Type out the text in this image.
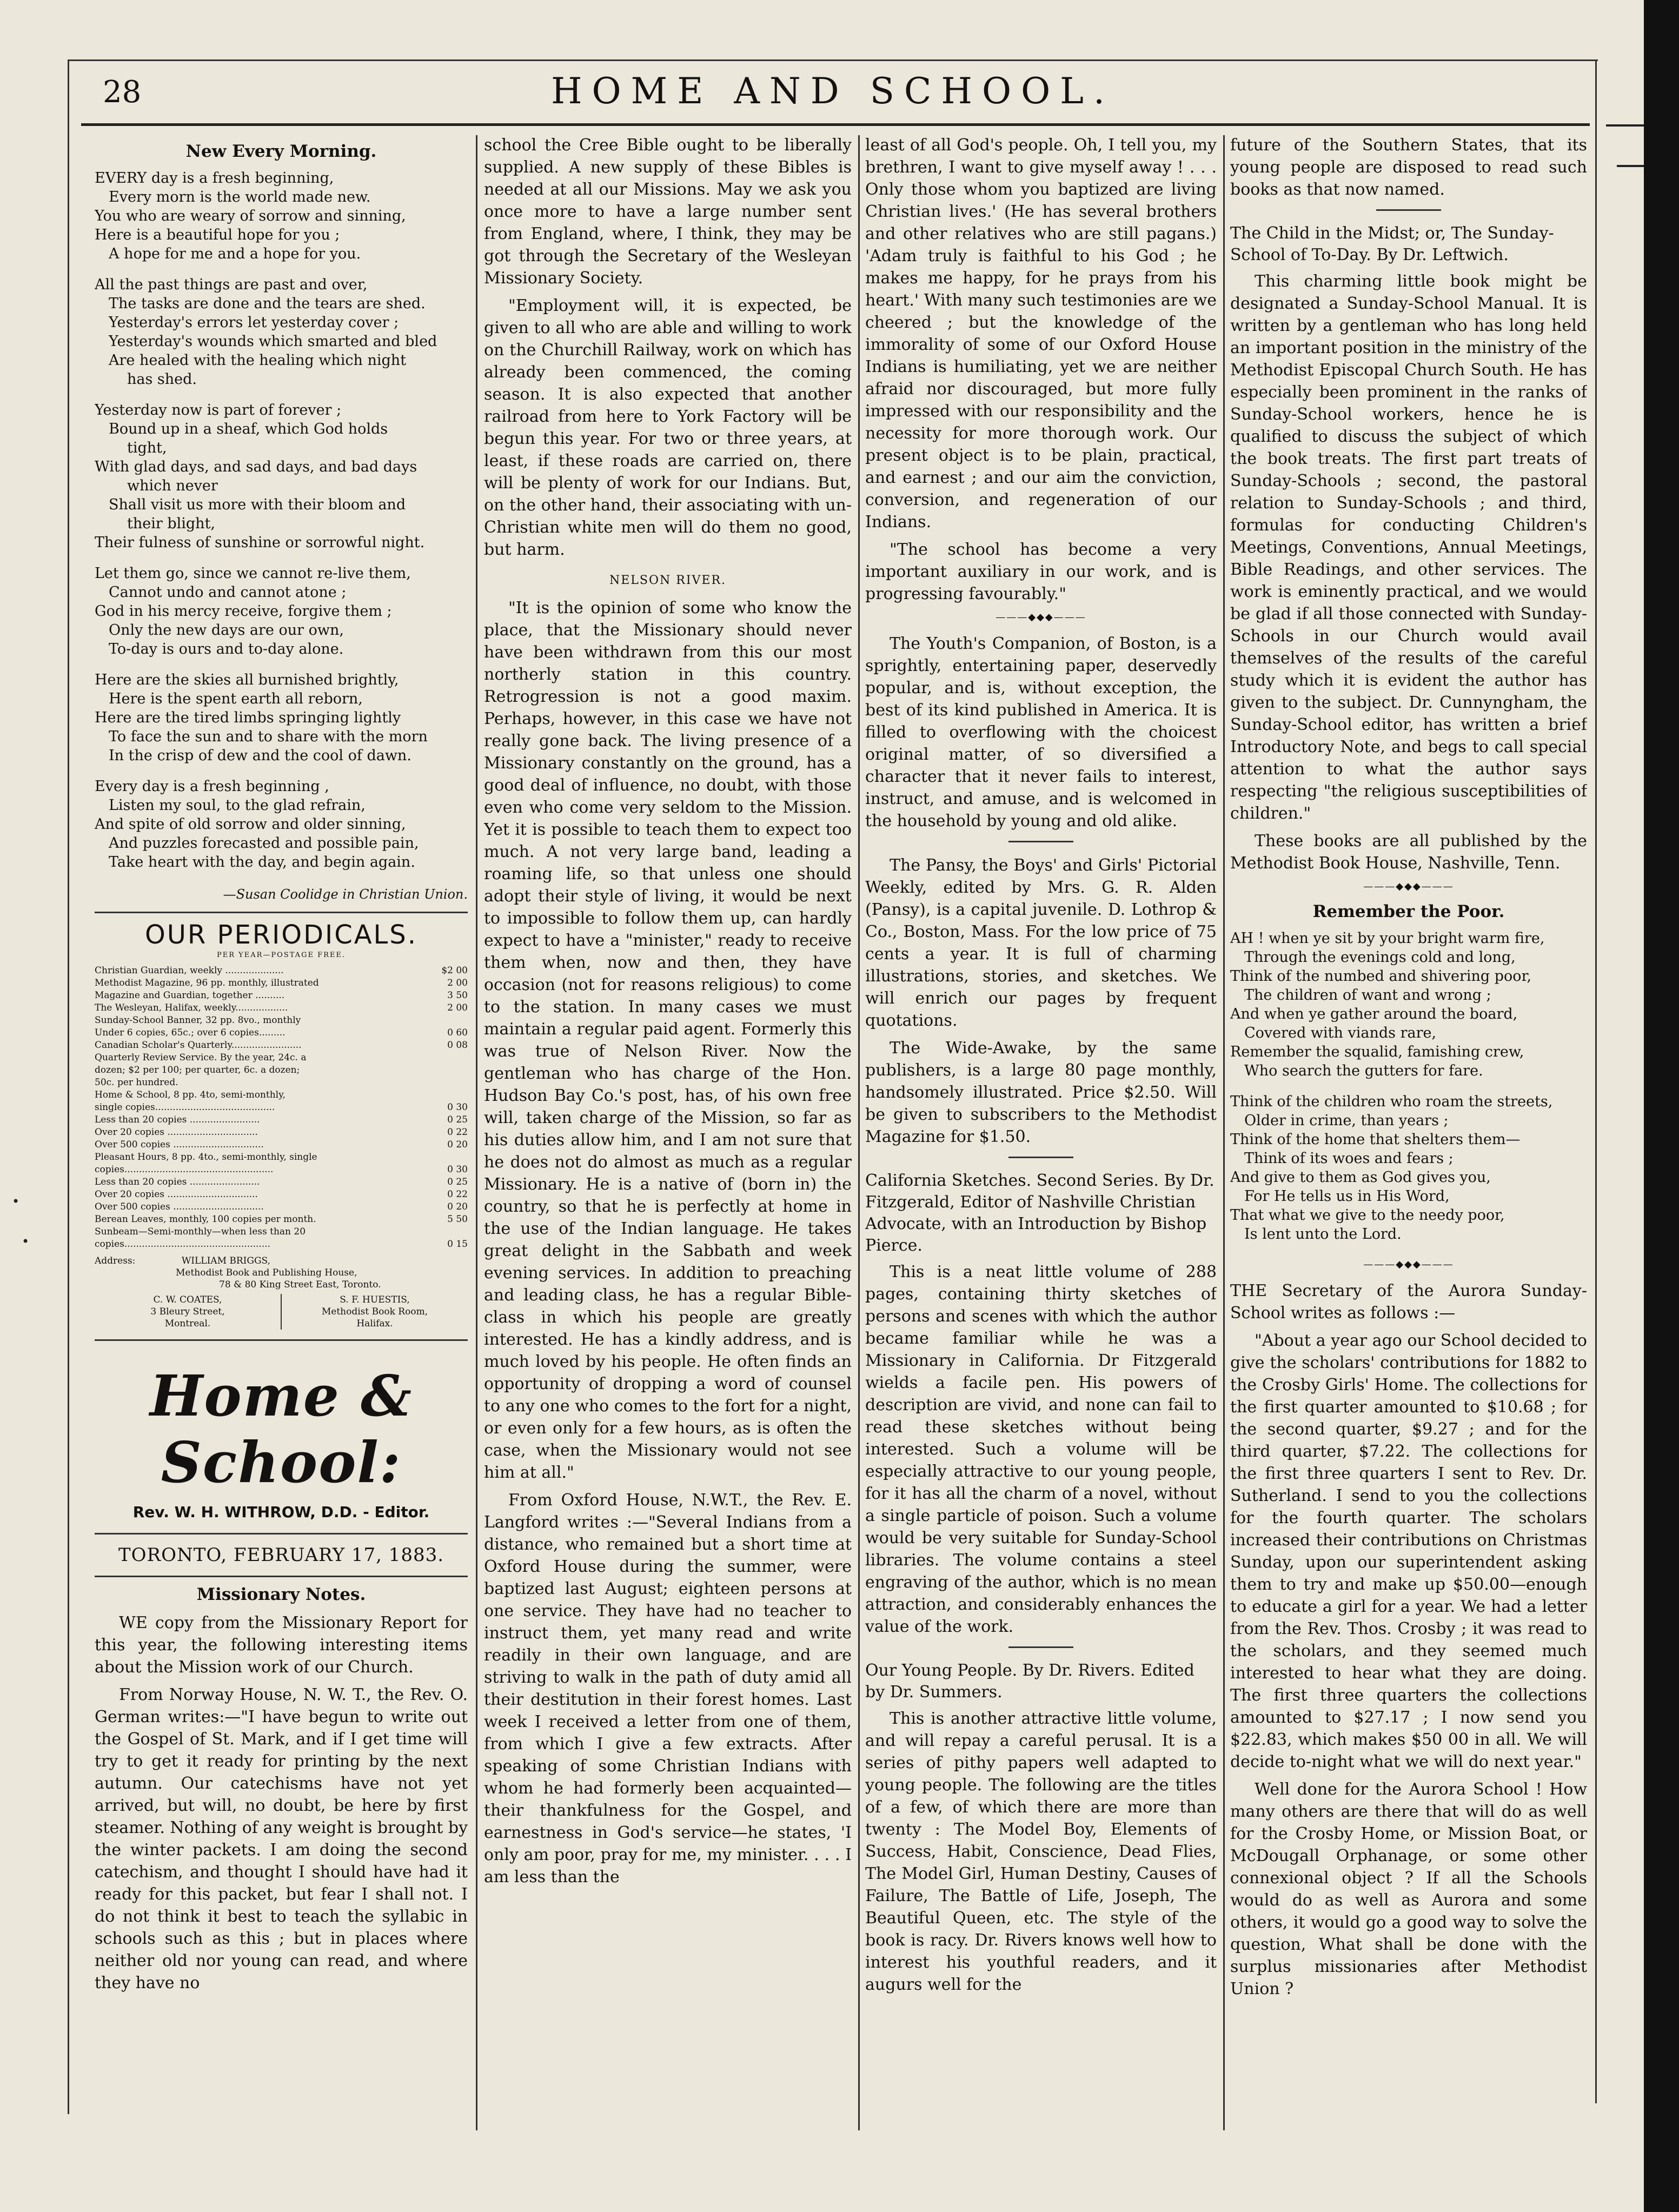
•
•
HOME AND SCHOOL.
28
New Every Morning.
EVERY day is a fresh beginning,
Every morn is the world made new.
You who are weary of sorrow and sinning,
Here is a beautiful hope for you ;
A hope for me and a hope for you.
All the past things are past and over,
The tasks are done and the tears are shed.
Yesterday's errors let yesterday cover ;
Yesterday's wounds which smarted and bled
Are healed with the healing which night
has shed.
Yesterday now is part of forever ;
Bound up in a sheaf, which God holds
tight,
With glad days, and sad days, and bad days
which never
Shall visit us more with their bloom and
their blight,
Their fulness of sunshine or sorrowful night.
Let them go, since we cannot re-live them,
Cannot undo and cannot atone ;
God in his mercy receive, forgive them ;
Only the new days are our own,
To-day is ours and to-day alone.
Here are the skies all burnished brightly,
Here is the spent earth all reborn,
Here are the tired limbs springing lightly
To face the sun and to share with the morn
In the crisp of dew and the cool of dawn.
Every day is a fresh beginning ,
Listen my soul, to the glad refrain,
And spite of old sorrow and older sinning,
And puzzles forecasted and possible pain,
Take heart with the day, and begin again.
—Susan Coolidge in Christian Union.
OUR PERIODICALS.
PER YEAR—POSTAGE FREE.
Christian Guardian, weekly ....................	$2 00
Methodist Magazine, 96 pp. monthly, illustrated	2 00
Magazine and Guardian, together ..........	3 50
The Wesleyan, Halifax, weekly..................	2 00
Sunday-School Banner, 32 pp. 8vo., monthly
Under 6 copies, 65c.; over 6 copies.........	0 60
Canadian Scholar's Quarterly........................	0 08
Quarterly Review Service. By the year, 24c. a
dozen; $2 per 100; per quarter, 6c. a dozen;
50c. per hundred.
Home & School, 8 pp. 4to, semi-monthly,
single copies.........................................	0 30
Less than 20 copies ........................	0 25
Over 20 copies ...............................	0 22
Over 500 copies ...............................	0 20
Pleasant Hours, 8 pp. 4to., semi-monthly, single
copies...................................................	0 30
Less than 20 copies ........................	0 25
Over 20 copies ...............................	0 22
Over 500 copies ...............................	0 20
Berean Leaves, monthly, 100 copies per month.	5 50
Sunbeam—Semi-monthly—when less than 20
copies..................................................	0 15
Address:	WILLIAM BRIGGS,
Methodist Book and Publishing House,
78 & 80 King Street East, Toronto.
C. W. COATES,
3 Bleury Street,
Montreal.
S. F. HUESTIS,
Methodist Book Room,
Halifax.
Home & School:
Rev. W. H. WITHROW, D.D. - Editor.
TORONTO, FEBRUARY 17, 1883.
Missionary Notes.

WE copy from the Missionary Report for this year, the following interesting items about the Mission work of our Church.

From Norway House, N. W. T., the Rev. O. German writes:—"I have begun to write out the Gospel of St. Mark, and if I get time will try to get it ready for printing by the next autumn. Our catechisms have not yet arrived, but will, no doubt, be here by first steamer. Nothing of any weight is brought by the winter packets. I am doing the second catechism, and thought I should have had it ready for this packet, but fear I shall not. I do not think it best to teach the syllabic in schools such as this ; but in places where neither old nor young can read, and where they have no

school the Cree Bible ought to be liberally supplied. A new supply of these Bibles is needed at all our Missions. May we ask you once more to have a large number sent from England, where, I think, they may be got through the Secretary of the Wesleyan Missionary Society.

"Employment will, it is expected, be given to all who are able and willing to work on the Churchill Railway, work on which has already been commenced, the coming season. It is also expected that another railroad from here to York Factory will be begun this year. For two or three years, at least, if these roads are carried on, there will be plenty of work for our Indians. But, on the other hand, their associating with un-Christian white men will do them no good, but harm.

NELSON RIVER.

"It is the opinion of some who know the place, that the Missionary should never have been withdrawn from this our most northerly station in this country. Retrogression is not a good maxim. Perhaps, however, in this case we have not really gone back. The living presence of a Missionary constantly on the ground, has a good deal of influence, no doubt, with those even who come very seldom to the Mission. Yet it is possible to teach them to expect too much. A not very large band, leading a roaming life, so that unless one should adopt their style of living, it would be next to impossible to follow them up, can hardly expect to have a "minister," ready to receive them when, now and then, they have occasion (not for reasons religious) to come to the station. In many cases we must maintain a regular paid agent. Formerly this was true of Nelson River. Now the gentleman who has charge of the Hon. Hudson Bay Co.'s post, has, of his own free will, taken charge of the Mission, so far as his duties allow him, and I am not sure that he does not do almost as much as a regular Missionary. He is a native of (born in) the country, so that he is perfectly at home in the use of the Indian language. He takes great delight in the Sabbath and week evening services. In addition to preaching and leading class, he has a regular Bible-class in which his people are greatly interested. He has a kindly address, and is much loved by his people. He often finds an opportunity of dropping a word of counsel to any one who comes to the fort for a night, or even only for a few hours, as is often the case, when the Missionary would not see him at all."

From Oxford House, N.W.T., the Rev. E. Langford writes :—"Several Indians from a distance, who remained but a short time at Oxford House during the summer, were baptized last August; eighteen persons at one service. They have had no teacher to instruct them, yet many read and write readily in their own language, and are striving to walk in the path of duty amid all their destitution in their forest homes. Last week I received a letter from one of them, from which I give a few extracts. After speaking of some Christian Indians with whom he had formerly been acquainted—their thankfulness for the Gospel, and earnestness in God's service—he states, 'I only am poor, pray for me, my minister. . . . I am less than the

least of all God's people. Oh, I tell you, my brethren, I want to give myself away ! . . . Only those whom you baptized are living Christian lives.' (He has several brothers and other relatives who are still pagans.) 'Adam truly is faithful to his God ; he makes me happy, for he prays from his heart.' With many such testimonies are we cheered ; but the knowledge of the immorality of some of our Oxford House Indians is humiliating, yet we are neither afraid nor discouraged, but more fully impressed with our responsibility and the necessity for more thorough work. Our present object is to be plain, practical, and earnest ; and our aim the conviction, conversion, and regeneration of our Indians.

"The school has become a very important auxiliary in our work, and is progressing favourably."

———◆◆◆———

The Youth's Companion, of Boston, is a sprightly, entertaining paper, deservedly popular, and is, without exception, the best of its kind published in America. It is filled to overflowing with the choicest original matter, of so diversified a character that it never fails to interest, instruct, and amuse, and is welcomed in the household by young and old alike.

The Pansy, the Boys' and Girls' Pictorial Weekly, edited by Mrs. G. R. Alden (Pansy), is a capital juvenile. D. Lothrop & Co., Boston, Mass. For the low price of 75 cents a year. It is full of charming illustrations, stories, and sketches. We will enrich our pages by frequent quotations.

The Wide-Awake, by the same publishers, is a large 80 page monthly, handsomely illustrated. Price $2.50. Will be given to subscribers to the Methodist Magazine for $1.50.

California Sketches. Second Series. By Dr. Fitzgerald, Editor of Nashville Christian Advocate, with an Introduction by Bishop Pierce.

This is a neat little volume of 288 pages, containing thirty sketches of persons and scenes with which the author became familiar while he was a Missionary in California. Dr Fitzgerald wields a facile pen. His powers of description are vivid, and none can fail to read these sketches without being interested. Such a volume will be especially attractive to our young people, for it has all the charm of a novel, without a single particle of poison. Such a volume would be very suitable for Sunday-School libraries. The volume contains a steel engraving of the author, which is no mean attraction, and considerably enhances the value of the work.

Our Young People. By Dr. Rivers. Edited by Dr. Summers.

This is another attractive little volume, and will repay a careful perusal. It is a series of pithy papers well adapted to young people. The following are the titles of a few, of which there are more than twenty : The Model Boy, Elements of Success, Habit, Conscience, Dead Flies, The Model Girl, Human Destiny, Causes of Failure, The Battle of Life, Joseph, The Beautiful Queen, etc. The style of the book is racy. Dr. Rivers knows well how to interest his youthful readers, and it augurs well for the

future of the Southern States, that its young people are disposed to read such books as that now named.

The Child in the Midst; or, The Sunday-School of To-Day. By Dr. Leftwich.

This charming little book might be designated a Sunday-School Manual. It is written by a gentleman who has long held an important position in the ministry of the Methodist Episcopal Church South. He has especially been prominent in the ranks of Sunday-School workers, hence he is qualified to discuss the subject of which the book treats. The first part treats of Sunday-Schools ; second, the pastoral relation to Sunday-Schools ; and third, formulas for conducting Children's Meetings, Conventions, Annual Meetings, Bible Readings, and other services. The work is eminently practical, and we would be glad if all those connected with Sunday-Schools in our Church would avail themselves of the results of the careful study which it is evident the author has given to the subject. Dr. Cunnyngham, the Sunday-School editor, has written a brief Introductory Note, and begs to call special attention to what the author says respecting "the religious susceptibilities of children."

These books are all published by the Methodist Book House, Nashville, Tenn.

———◆◆◆———
Remember the Poor.
AH ! when ye sit by your bright warm fire,
Through the evenings cold and long,
Think of the numbed and shivering poor,
The children of want and wrong ;
And when ye gather around the board,
Covered with viands rare,
Remember the squalid, famishing crew,
Who search the gutters for fare.
Think of the children who roam the streets,
Older in crime, than years ;
Think of the home that shelters them—
Think of its woes and fears ;
And give to them as God gives you,
For He tells us in His Word,
That what we give to the needy poor,
Is lent unto the Lord.
———◆◆◆———

THE Secretary of the Aurora Sunday-School writes as follows :—

"About a year ago our School decided to give the scholars' contributions for 1882 to the Crosby Girls' Home. The collections for the first quarter amounted to $10.68 ; for the second quarter, $9.27 ; and for the third quarter, $7.22. The collections for the first three quarters I sent to Rev. Dr. Sutherland. I send to you the collections for the fourth quarter. The scholars increased their contributions on Christmas Sunday, upon our superintendent asking them to try and make up $50.00—enough to educate a girl for a year. We had a letter from the Rev. Thos. Crosby ; it was read to the scholars, and they seemed much interested to hear what they are doing. The first three quarters the collections amounted to $27.17 ; I now send you $22.83, which makes $50 00 in all. We will decide to-night what we will do next year."

Well done for the Aurora School ! How many others are there that will do as well for the Crosby Home, or Mission Boat, or McDougall Orphanage, or some other connexional object ? If all the Schools would do as well as Aurora and some others, it would go a good way to solve the question, What shall be done with the surplus missionaries after Methodist Union ?
